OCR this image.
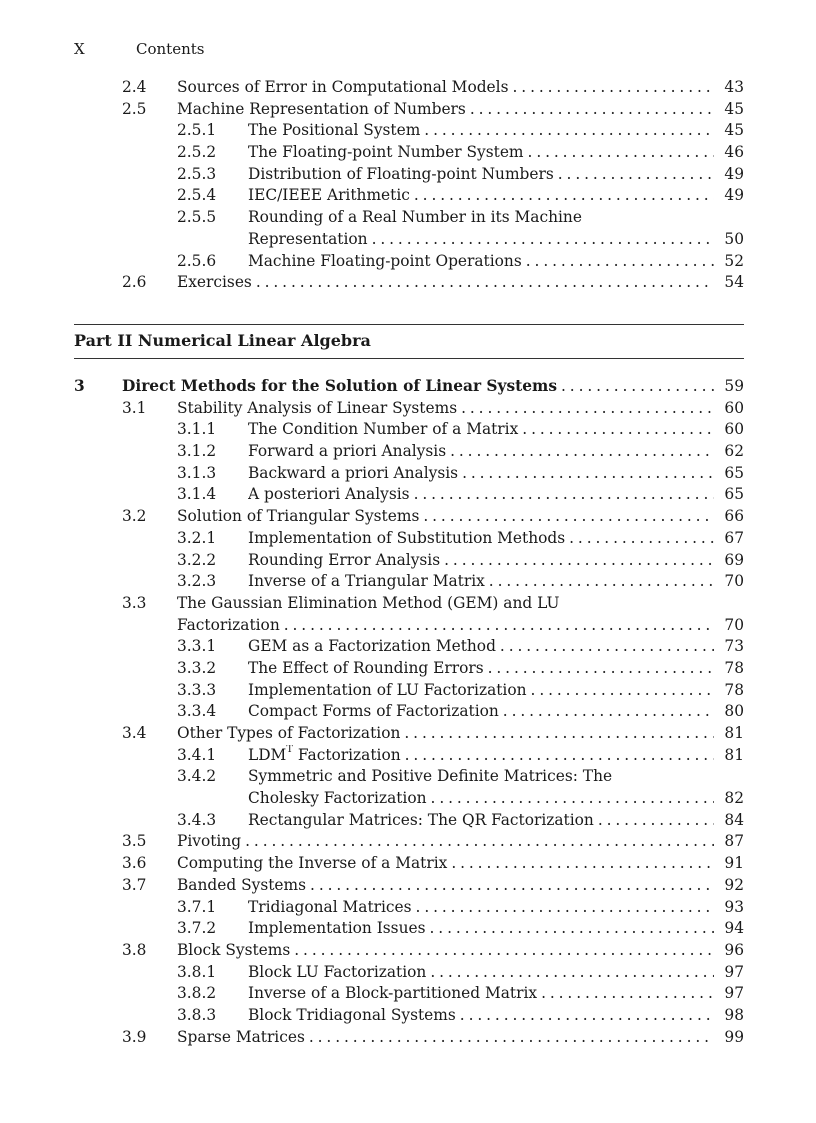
X	Contents
2.4 Sources of Error in Computational Models . . .	43
2.5 Machine Representation of Numbers . . .	45
2.5.1 The Positional System . . .	45
2.5.2 The Floating-point Number System . . .	46
2.5.3 Distribution of Floating-point Numbers . . .	49
2.5.4 IEC/IEEE Arithmetic . . .	49
2.5.5 Rounding of a Real Number in its Machine
Representation . . .	50
2.5.6 Machine Floating-point Operations . . .	52
2.6 Exercises . . .	54
Part II Numerical Linear Algebra
3 Direct Methods for the Solution of Linear Systems . . .	59
3.1 Stability Analysis of Linear Systems . . .	60
3.1.1 The Condition Number of a Matrix . . .	60
3.1.2 Forward a priori Analysis . . .	62
3.1.3 Backward a priori Analysis . . .	65
3.1.4 A posteriori Analysis . . .	65
3.2 Solution of Triangular Systems . . .	66
3.2.1 Implementation of Substitution Methods . . .	67
3.2.2 Rounding Error Analysis . . .	69
3.2.3 Inverse of a Triangular Matrix . . .	70
3.3 The Gaussian Elimination Method (GEM) and LU
Factorization . . .	70
3.3.1 GEM as a Factorization Method . . .	73
3.3.2 The Effect of Rounding Errors . . .	78
3.3.3 Implementation of LU Factorization . . .	78
3.3.4 Compact Forms of Factorization . . .	80
3.4 Other Types of Factorization . . .	81
3.4.1 $LDM^T$ Factorization . . .	81
3.4.2 Symmetric and Positive Definite Matrices: The
Cholesky Factorization . . .	82
3.4.3 Rectangular Matrices: The QR Factorization . . .	84
3.5 Pivoting . . .	87
3.6 Computing the Inverse of a Matrix . . .	91
3.7 Banded Systems . . .	92
3.7.1 Tridiagonal Matrices . . .	93
3.7.2 Implementation Issues . . .	94
3.8 Block Systems . . .	96
3.8.1 Block LU Factorization . . .	97
3.8.2 Inverse of a Block-partitioned Matrix . . .	97
3.8.3 Block Tridiagonal Systems . . .	98
3.9 Sparse Matrices . . .	99
